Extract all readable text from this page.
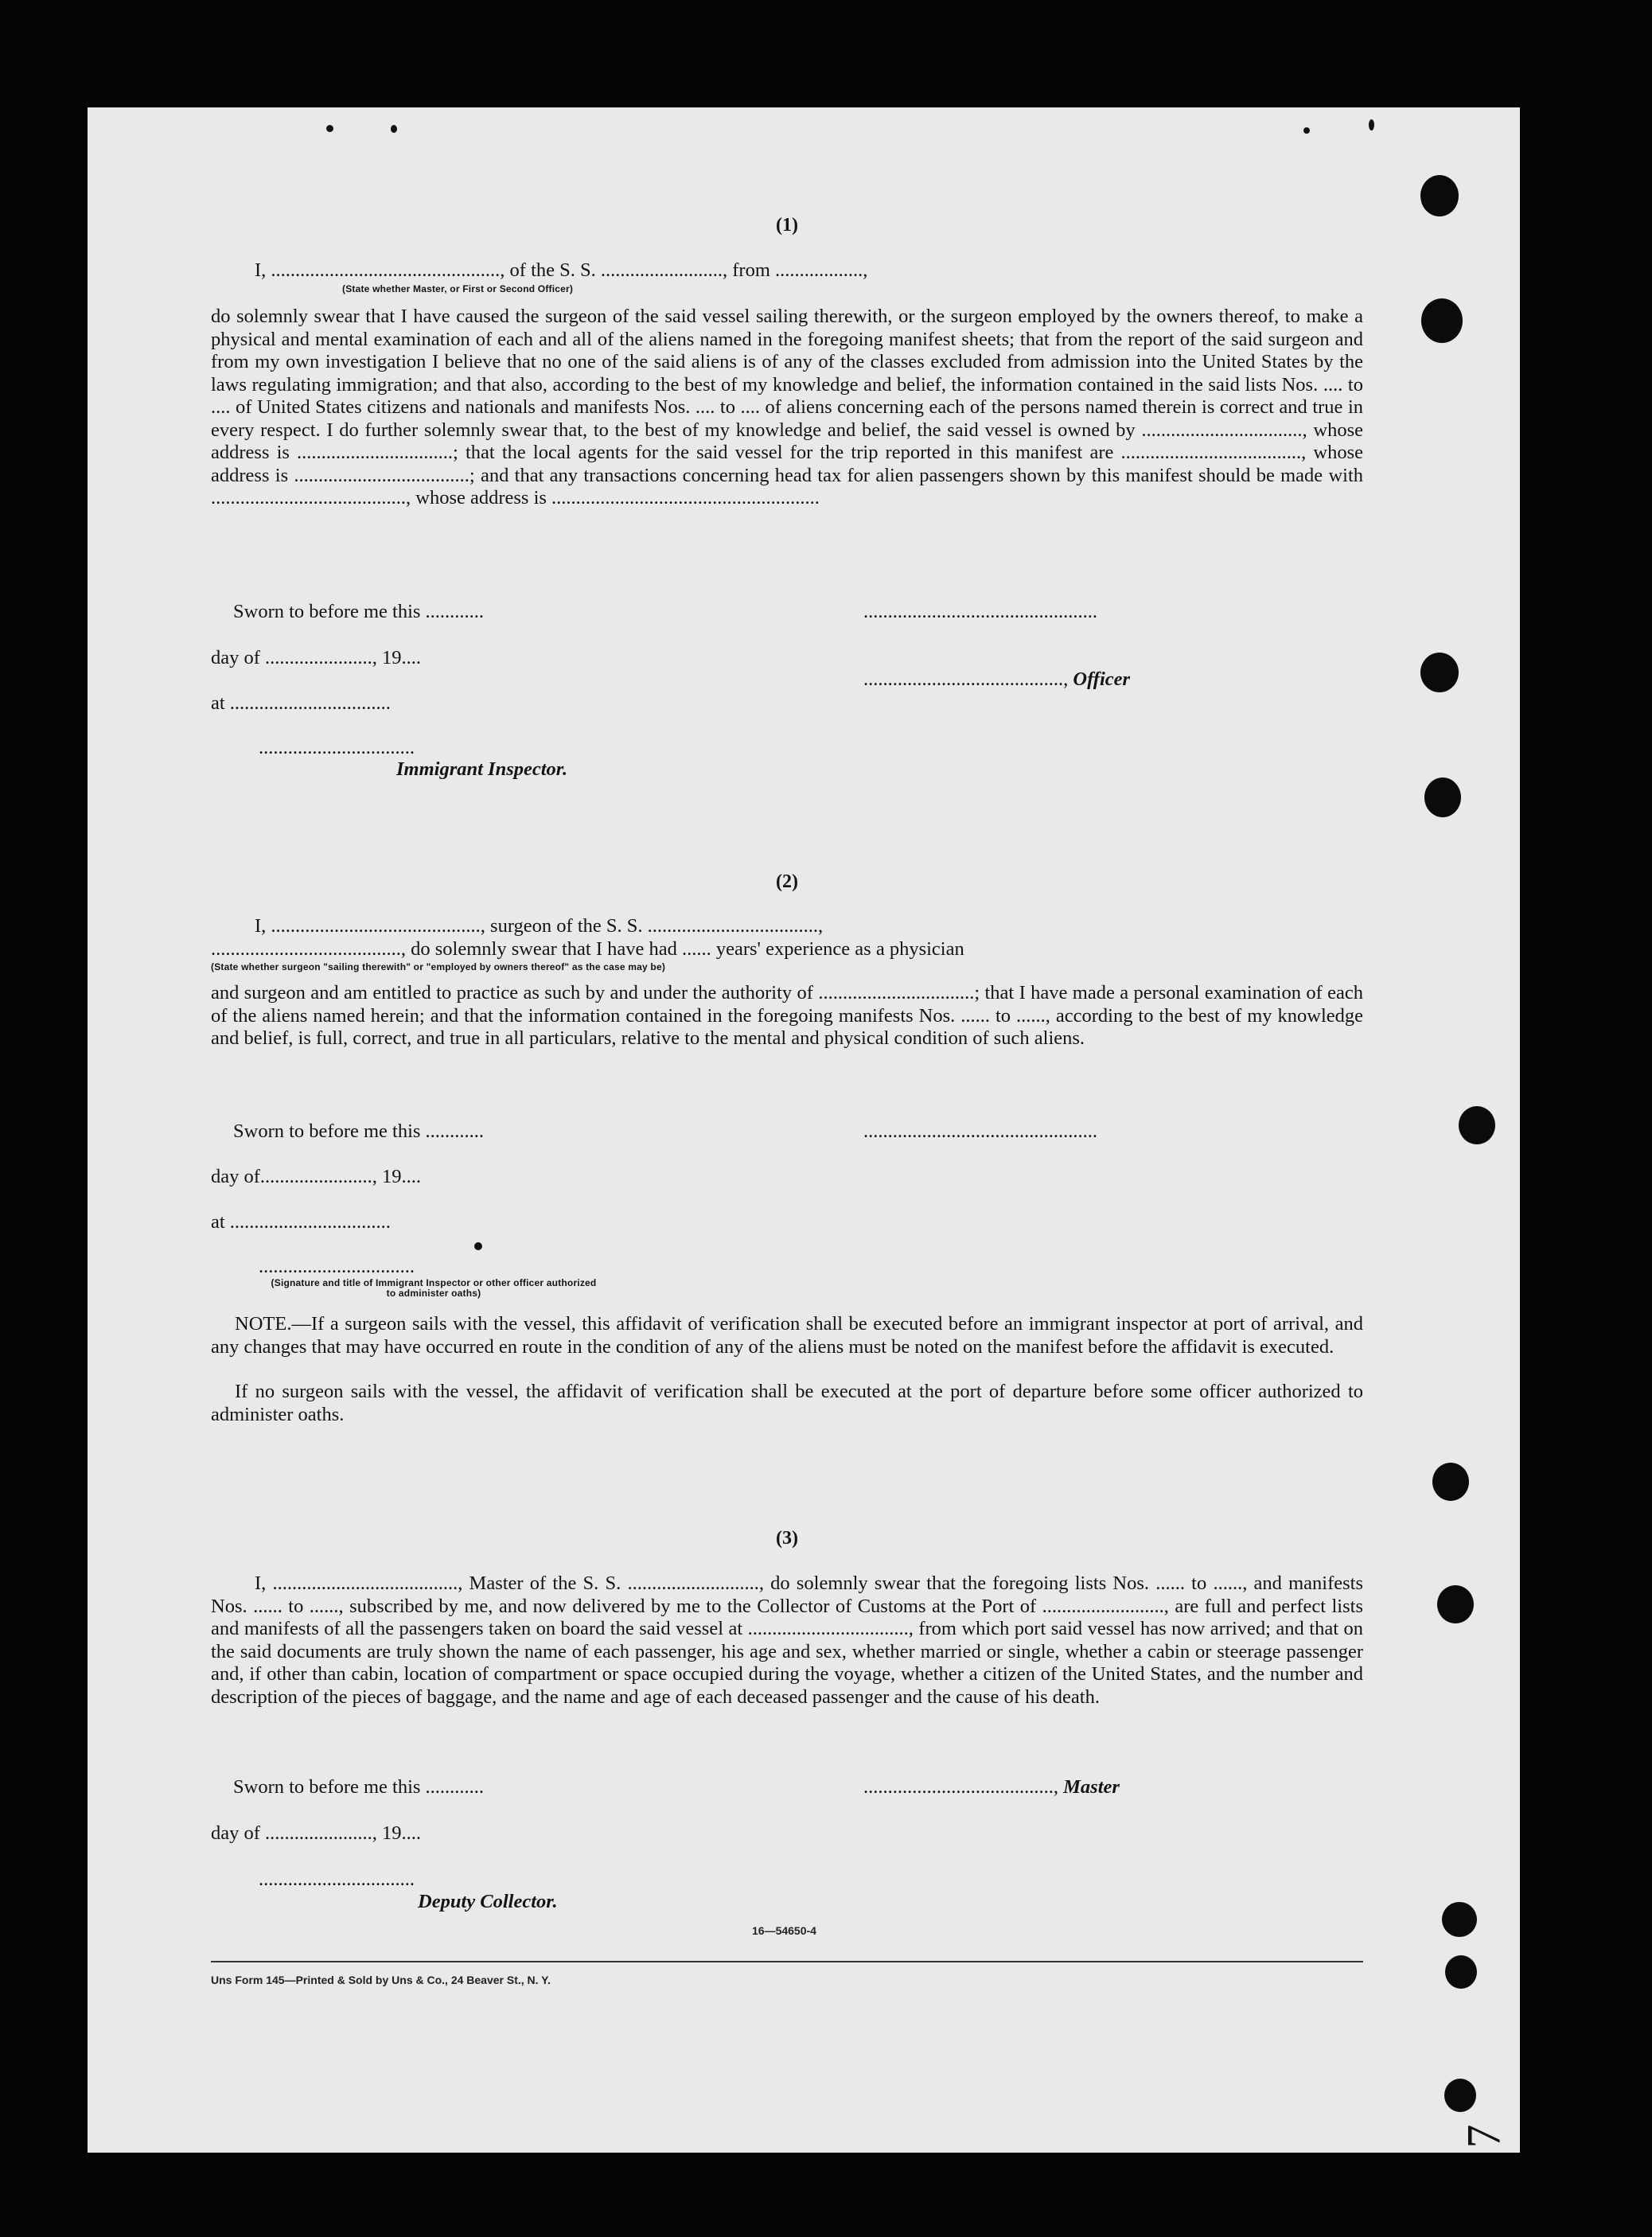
(1)
I, ..............................................., of the S. S. ........................., from ..................,
(State whether Master, or First or Second Officer)

do solemnly swear that I have caused the surgeon of the said vessel sailing therewith, or the surgeon employed by the owners thereof, to make a physical and mental examination of each and all of the aliens named in the foregoing manifest sheets; that from the report of the said surgeon and from my own investigation I believe that no one of the said aliens is of any of the classes excluded from admission into the United States by the laws regulating immigration; and that also, according to the best of my knowledge and belief, the information contained in the said lists Nos. .... to .... of United States citizens and nationals and manifests Nos. .... to .... of aliens concerning each of the persons named therein is correct and true in every respect. I do further solemnly swear that, to the best of my knowledge and belief, the said vessel is owned by ................................., whose address is ................................; that the local agents for the said vessel for the trip reported in this manifest are ....................................., whose address is ....................................; and that any transactions concerning head tax for alien passengers shown by this manifest should be made with ........................................, whose address is .......................................................

Sworn to before me this ............	................................................
day of ......................, 19....
........................................., Officer
at .................................
................................
Immigrant Inspector.
(2)
I, ..........................................., surgeon of the S. S. ...................................,
......................................., do solemnly swear that I have had ...... years' experience as a physician
(State whether surgeon "sailing therewith" or "employed by owners thereof" as the case may be)

and surgeon and am entitled to practice as such by and under the authority of ................................; that I have made a personal examination of each of the aliens named herein; and that the information contained in the foregoing manifests Nos. ...... to ......, according to the best of my knowledge and belief, is full, correct, and true in all particulars, relative to the mental and physical condition of such aliens.

Sworn to before me this ............	................................................
day of......................., 19....
at .................................
................................
(Signature and title of Immigrant Inspector or other officer authorized to administer oaths)

NOTE.—If a surgeon sails with the vessel, this affidavit of verification shall be executed before an immigrant inspector at port of arrival, and any changes that may have occurred en route in the condition of any of the aliens must be noted on the manifest before the affidavit is executed.

If no surgeon sails with the vessel, the affidavit of verification shall be executed at the port of departure before some officer authorized to administer oaths.

(3)

I, ......................................, Master of the S. S. ..........................., do solemnly swear that the foregoing lists Nos. ...... to ......, and manifests Nos. ...... to ......, subscribed by me, and now delivered by me to the Collector of Customs at the Port of ........................., are full and perfect lists and manifests of all the passengers taken on board the said vessel at ................................., from which port said vessel has now arrived; and that on the said documents are truly shown the name of each passenger, his age and sex, whether married or single, whether a cabin or steerage passenger and, if other than cabin, location of compartment or space occupied during the voyage, whether a citizen of the United States, and the number and description of the pieces of baggage, and the name and age of each deceased passenger and the cause of his death.

Sworn to before me this ............	......................................., Master
day of ......................, 19....
................................
Deputy Collector.
16—54650-4
Uns Form 145—Printed & Sold by Uns & Co., 24 Beaver St., N. Y.
7
